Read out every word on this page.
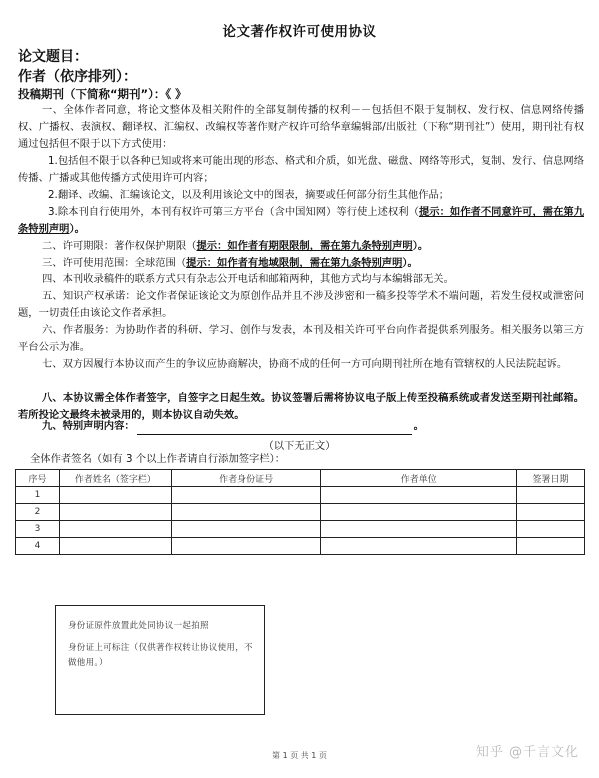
论文著作权许可使用协议
论文题目：
作者（依序排列）：
投稿期刊（下简称“期刊”）：《 》
一、全体作者同意，将论文整体及相关附件的全部复制传播的权利－－包括但不限于复制权、发行权、信息网络传播权、广播权、表演权、翻译权、汇编权、改编权等著作财产权许可给华章编辑部/出版社（下称“期刊社”）使用，期刊社有权通过包括但不限于以下方式使用：
1.包括但不限于以各种已知或将来可能出现的形态、格式和介质，如光盘、磁盘、网络等形式，复制、发行、信息网络传播、广播或其他传播方式使用许可内容；
2.翻译、改编、汇编该论文，以及利用该论文中的图表，摘要或任何部分衍生其他作品；
3.除本刊自行使用外，本刊有权许可第三方平台（含中国知网）等行使上述权利（提示：如作者不同意许可，需在第九条特别声明）。
二、许可期限：著作权保护期限（提示：如作者有期限限制，需在第九条特别声明）。
三、许可使用范围：全球范围（提示：如作者有地域限制，需在第九条特别声明）。
四、本刊收录稿件的联系方式只有杂志公开电话和邮箱两种，其他方式均与本编辑部无关。
五、知识产权承诺：论文作者保证该论文为原创作品并且不涉及涉密和一稿多投等学术不端问题，若发生侵权或泄密问题，一切责任由该论文作者承担。
六、作者服务：为协助作者的科研、学习、创作与发表，本刊及相关许可平台向作者提供系列服务。相关服务以第三方平台公示为准。
七、双方因履行本协议而产生的争议应协商解决，协商不成的任何一方可向期刊社所在地有管辖权的人民法院起诉。
八、本协议需全体作者签字，自签字之日起生效。协议签署后需将协议电子版上传至投稿系统或者发送至期刊社邮箱。若所投论文最终未被录用的，则本协议自动失效。
九、特别声明内容：	。
（以下无正文）
全体作者签名（如有 3 个以上作者请自行添加签字栏）：
序号	作者姓名（签字栏）	作者身份证号	作者单位	签署日期
1				
2				
3				
4				
身份证原件放置此处同协议一起拍照
身份证上可标注（仅供著作权转让协议使用，不做他用。）
第 1 页 共 1 页	知乎 @千言文化
